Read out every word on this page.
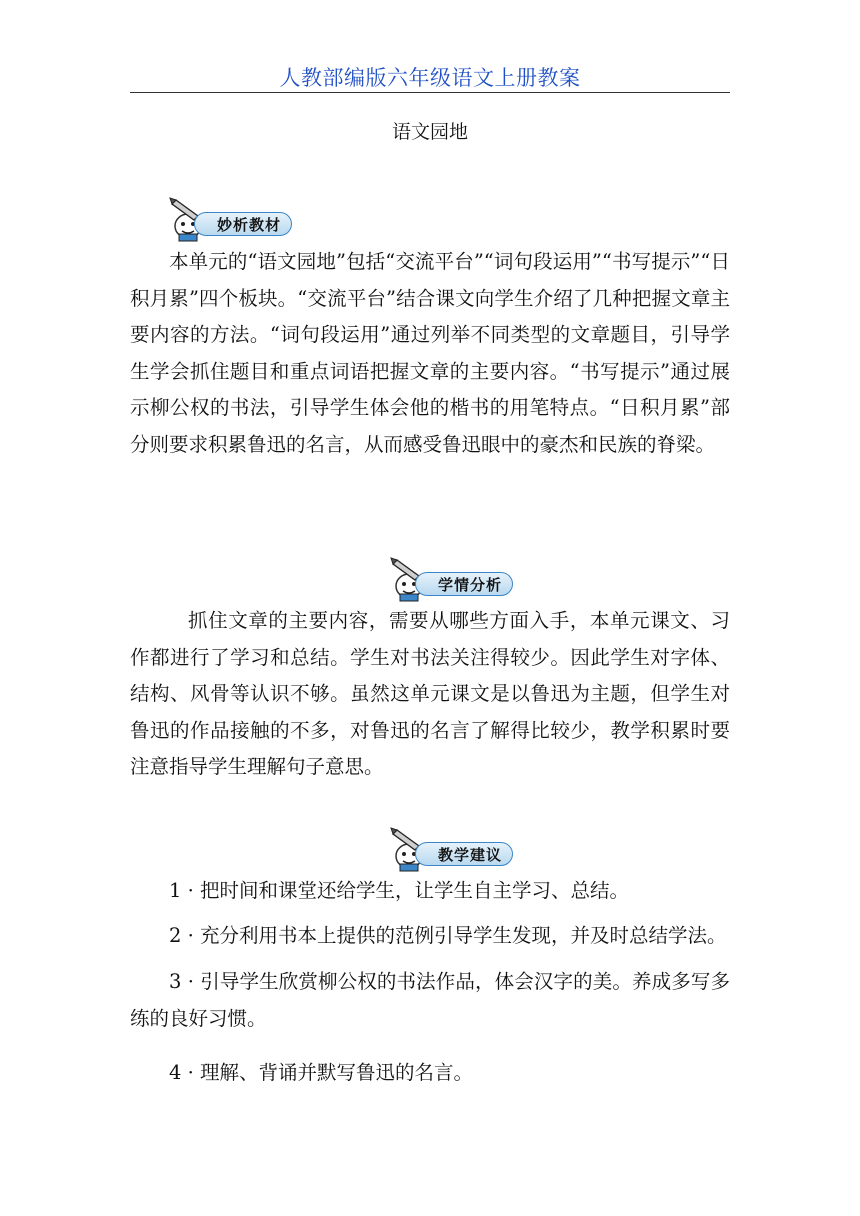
人教部编版六年级语文上册教案
语文园地
妙析教材

本单元的“语文园地”包括“交流平台”“词句段运用”“书写提示”“日积月累”四个板块。“交流平台”结合课文向学生介绍了几种把握文章主要内容的方法。“词句段运用”通过列举不同类型的文章题目，引导学生学会抓住题目和重点词语把握文章的主要内容。“书写提示”通过展示柳公权的书法，引导学生体会他的楷书的用笔特点。“日积月累”部分则要求积累鲁迅的名言，从而感受鲁迅眼中的豪杰和民族的脊梁。

学情分析

抓住文章的主要内容，需要从哪些方面入手，本单元课文、习作都进行了学习和总结。学生对书法关注得较少。因此学生对字体、结构、风骨等认识不够。虽然这单元课文是以鲁迅为主题，但学生对鲁迅的作品接触的不多，对鲁迅的名言了解得比较少，教学积累时要注意指导学生理解句子意思。

教学建议

1 · 把时间和课堂还给学生，让学生自主学习、总结。

2 · 充分利用书本上提供的范例引导学生发现，并及时总结学法。

3 · 引导学生欣赏柳公权的书法作品，体会汉字的美。养成多写多练的良好习惯。

4 · 理解、背诵并默写鲁迅的名言。
